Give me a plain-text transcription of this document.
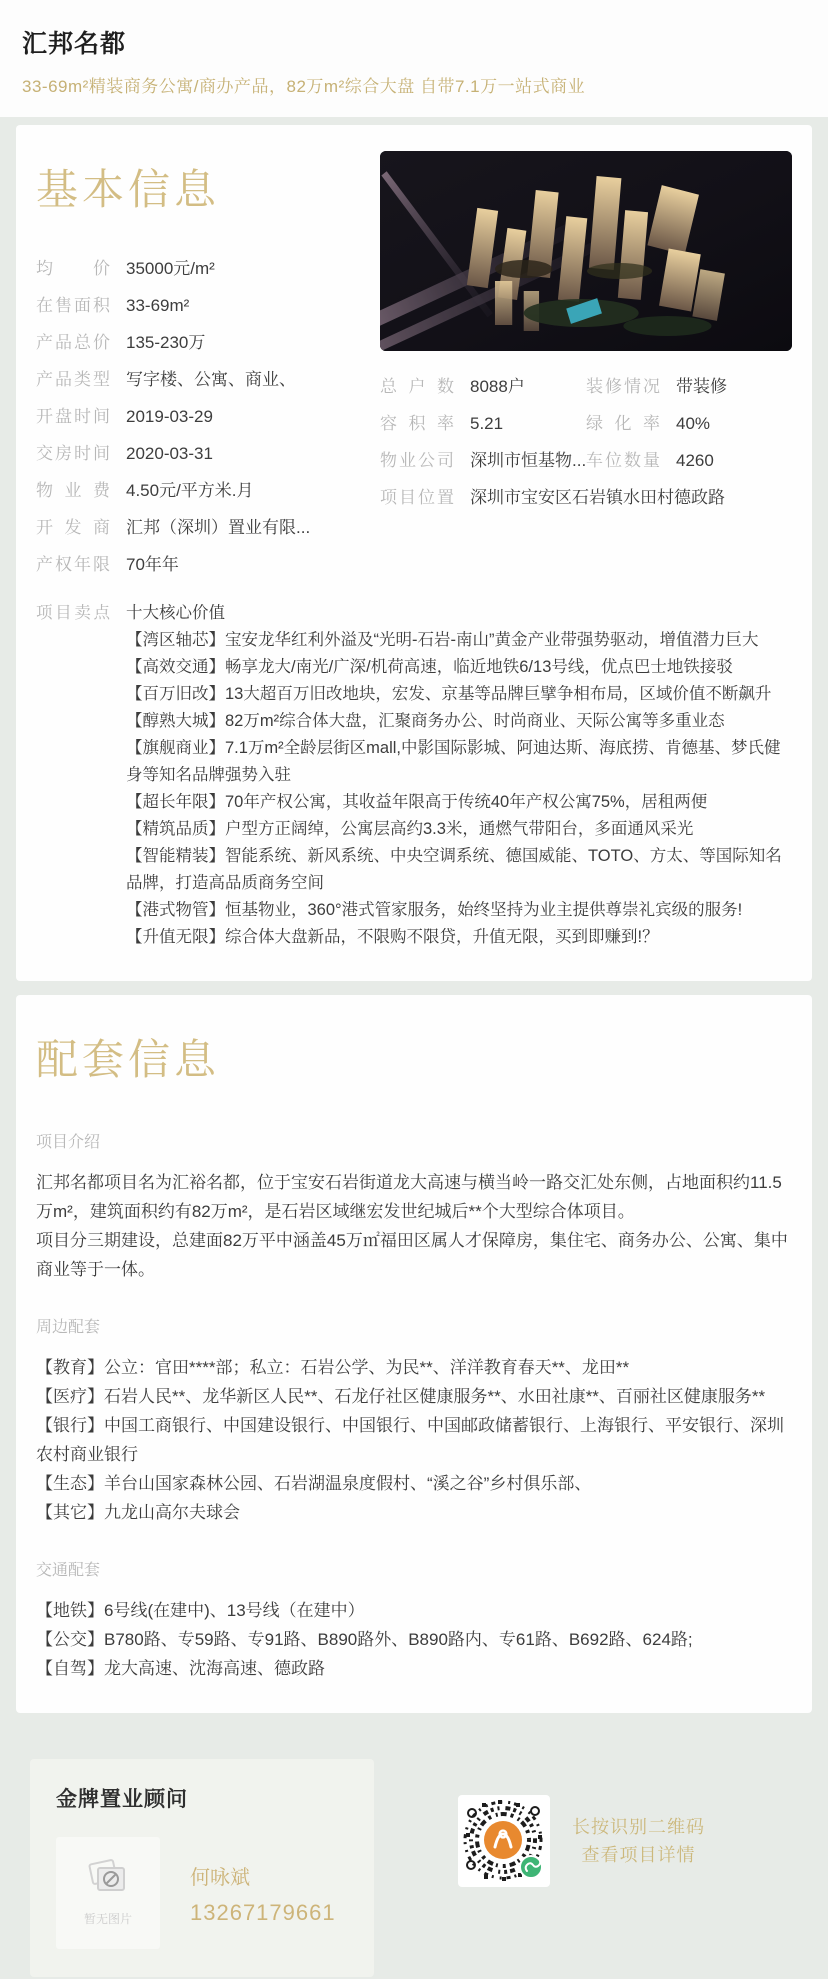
汇邦名都
33-69m²精装商务公寓/商办产品，82万m²综合大盘 自带7.1万一站式商业
基本信息
均价 35000元/m²
在售面积 33-69m²
产品总价 135-230万
产品类型 写字楼、公寓、商业、
开盘时间 2019-03-29
交房时间 2020-03-31
物业费 4.50元/平方米.月
开发商 汇邦（深圳）置业有限...
产权年限 70年年
总户数 8088户	装修情况 带装修
容积率 5.21	绿化率 40%
物业公司 深圳市恒基物... 车位数量 4260
项目位置 深圳市宝安区石岩镇水田村德政路
项目卖点 十大核心价值
【湾区轴芯】宝安龙华红利外溢及“光明-石岩-南山”黄金产业带强势驱动，增值潜力巨大
【高效交通】畅享龙大/南光/广深/机荷高速，临近地铁6/13号线，优点巴士地铁接驳
【百万旧改】13大超百万旧改地块，宏发、京基等品牌巨擘争相布局，区域价值不断飙升
【醇熟大城】82万m²综合体大盘，汇聚商务办公、时尚商业、天际公寓等多重业态
【旗舰商业】7.1万m²全龄层街区mall,中影国际影城、阿迪达斯、海底捞、肯德基、梦氏健身等知名品牌强势入驻
【超长年限】70年产权公寓，其收益年限高于传统40年产权公寓75%，居租两便
【精筑品质】户型方正阔绰，公寓层高约3.3米，通燃气带阳台，多面通风采光
【智能精装】智能系统、新风系统、中央空调系统、德国威能、TOTO、方太、等国际知名品牌，打造高品质商务空间
【港式物管】恒基物业，360°港式管家服务，始终坚持为业主提供尊崇礼宾级的服务!
【升值无限】综合体大盘新品，不限购不限贷，升值无限，买到即赚到!？
配套信息
项目介绍
汇邦名都项目名为汇裕名都，位于宝安石岩街道龙大高速与横当岭一路交汇处东侧，占地面积约11.5万m²，建筑面积约有82万m²，是石岩区域继宏发世纪城后**个大型综合体项目。
项目分三期建设，总建面82万平中涵盖45万㎡福田区属人才保障房，集住宅、商务办公、公寓、集中商业等于一体。
周边配套
【教育】公立：官田****部；私立：石岩公学、为民**、洋洋教育春天**、龙田**
【医疗】石岩人民**、龙华新区人民**、石龙仔社区健康服务**、水田社康**、百丽社区健康服务**
【银行】中国工商银行、中国建设银行、中国银行、中国邮政储蓄银行、上海银行、平安银行、深圳农村商业银行
【生态】羊台山国家森林公园、石岩湖温泉度假村、“溪之谷”乡村俱乐部、
【其它】九龙山高尔夫球会
交通配套
【地铁】6号线(在建中)、13号线（在建中）
【公交】B780路、专59路、专91路、B890路外、B890路内、专61路、B692路、624路;
【自驾】龙大高速、沈海高速、德政路
金牌置业顾问
暂无图片
何咏斌
13267179661
长按识别二维码
查看项目详情
